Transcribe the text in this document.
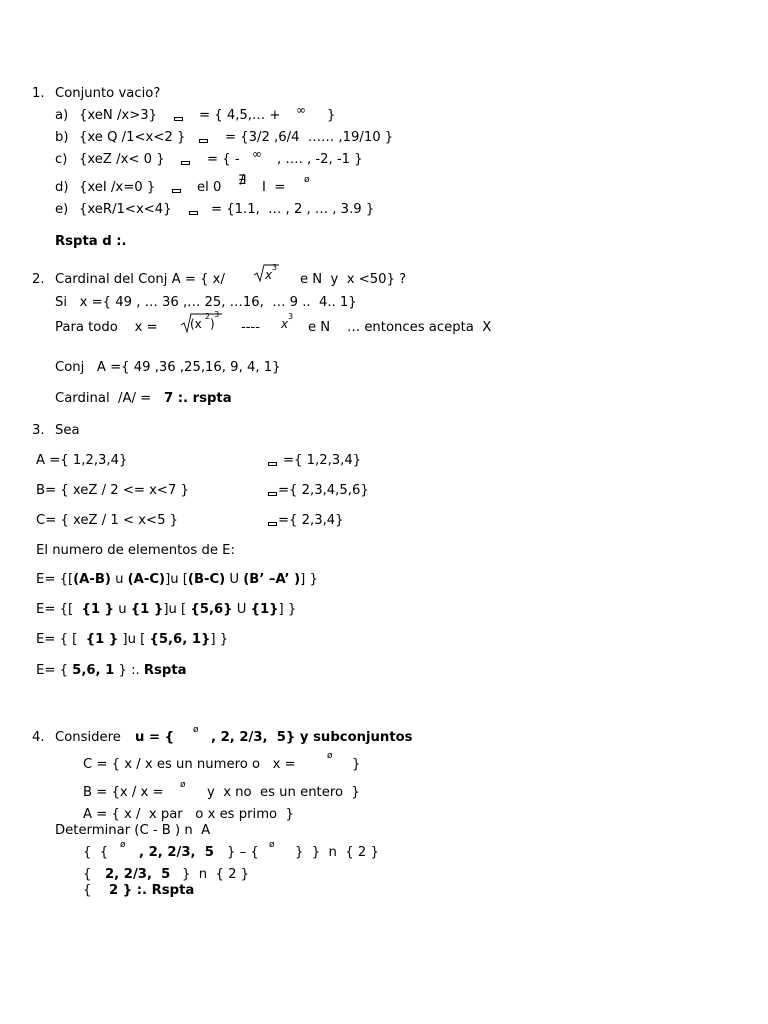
1. Conjunto vacio?
a) {xeN /x>3}	= { 4,5,… + ∞ }
b) {xe Q /1<x<2 }	= {3/2 ,6/4  …… ,19/10 }
c) {xeZ /x< 0 }	= { - ∞ , …. , -2, -1 }
d) {xeI /x=0 }	el 0 ∄ I  = ø
e) {xeR/1<x<4}	= {1.1,  … , 2 , … , 3.9 }
Rspta d :.
2. Cardinal del Conj A = { x/	x
3
e N  y  x <50} ?
Si   x ={ 49 , … 36 ,… 25, …16,  … 9 ..  4.. 1}
Para todo    x =	(x
2
)
3
---- x
3
e N    … entonces acepta  X
Conj   A ={ 49 ,36 ,25,16, 9, 4, 1}
Cardinal  /A/ = 7 :. rspta
3. Sea
A ={ 1,2,3,4}	={ 1,2,3,4}
B= { xeZ / 2 <= x<7 }	={ 2,3,4,5,6}
C= { xeZ / 1 < x<5 }	={ 2,3,4}
El numero de elementos de E:
E= {[(A-B) u (A-C)]u [(B-C) U (B’ –A’ )] }
E= {[  {1 } u {1 }]u [ {5,6} U {1}] }
E= { [  {1 } ]u [ {5,6, 1}] }
E= { 5,6, 1 } :. Rspta
4. Considere u = { ø , 2, 2/3,  5} y subconjuntos
C = { x / x es un numero o   x =
ø
}
B = {x / x = ø y  x no  es un entero  }
A = { x /  x par   o x es primo  }
Determinar (C - B ) n  A
{  { ø , 2, 2/3,  5 } – { ø }  }  n  { 2 }
{ 2, 2/3,  5 }  n  { 2 }
{ 2 } :. Rspta
